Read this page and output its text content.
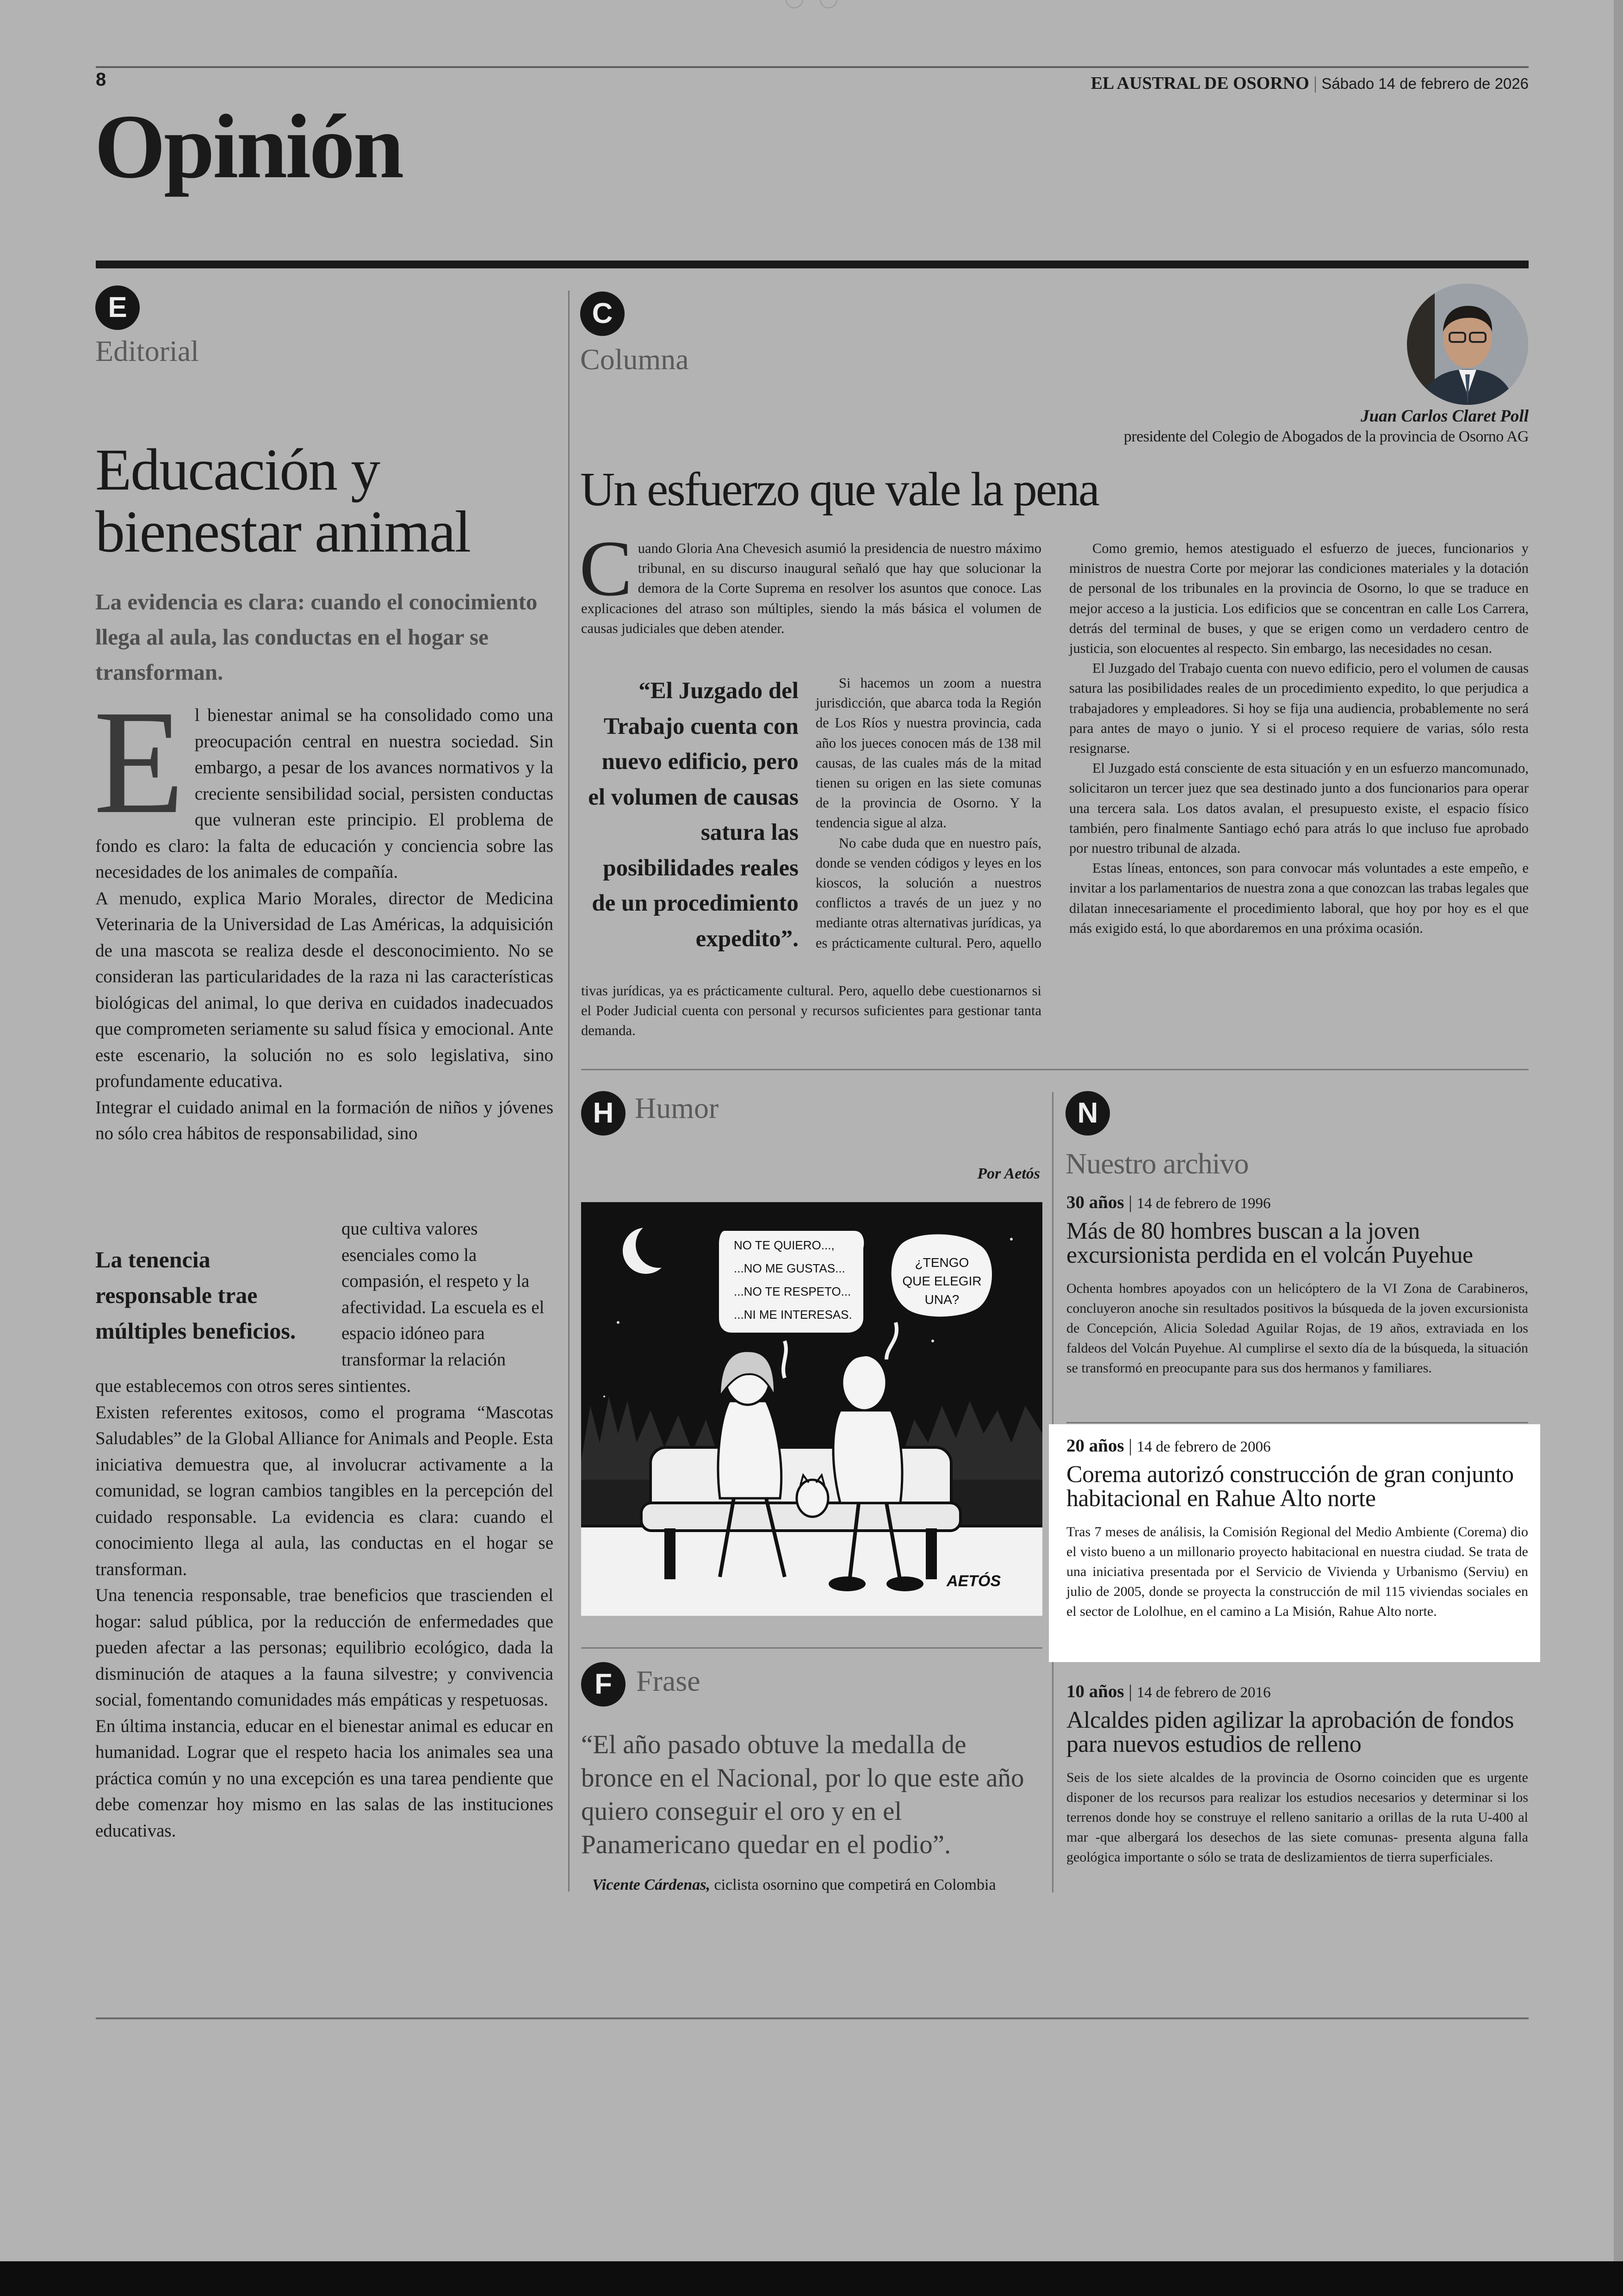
8	EL AUSTRAL DE OSORNO | Sábado 14 de febrero de 2026
Opinión
E
Editorial
Educación y bienestar animal
La evidencia es clara: cuando el conocimiento llega al aula, las conductas en el hogar se transforman.
E l bienestar animal se ha consolidado como una preocupación central en nuestra sociedad. Sin embargo, a pesar de los avances normativos y la creciente sensibilidad social, persisten conductas que vulneran este principio. El problema de fondo es claro: la falta de educación y conciencia sobre las necesidades de los animales de compañía.

A menudo, explica Mario Morales, director de Medicina Veterinaria de la Universidad de Las Américas, la adquisición de una mascota se realiza desde el desconocimiento. No se consideran las particularidades de la raza ni las características biológicas del animal, lo que deriva en cuidados inadecuados que comprometen seriamente su salud física y emocional. Ante este escenario, la solución no es solo legislativa, sino profundamente educativa.

Integrar el cuidado animal en la formación de niños y jóvenes no sólo crea hábitos de responsabilidad, sino

La tenencia responsable trae múltiples beneficios.
que cultiva valores esenciales como la compasión, el respeto y la afectividad. La escuela es el espacio idóneo para transformar la relación

que establecemos con otros seres sintientes.

Existen referentes exitosos, como el programa “Mascotas Saludables” de la Global Alliance for Animals and People. Esta iniciativa demuestra que, al involucrar activamente a la comunidad, se logran cambios tangibles en la percepción del cuidado responsable. La evidencia es clara: cuando el conocimiento llega al aula, las conductas en el hogar se transforman.

Una tenencia responsable, trae beneficios que trascienden el hogar: salud pública, por la reducción de enfermedades que pueden afectar a las personas; equilibrio ecológico, dada la disminución de ataques a la fauna silvestre; y convivencia social, fomentando comunidades más empáticas y respetuosas.

En última instancia, educar en el bienestar animal es educar en humanidad. Lograr que el respeto hacia los animales sea una práctica común y no una excepción es una tarea pendiente que debe comenzar hoy mismo en las salas de las instituciones educativas.

C
Columna
Juan Carlos Claret Poll
presidente del Colegio de Abogados de la provincia de Osorno AG
Un esfuerzo que vale la pena
C uando Gloria Ana Chevesich asumió la presidencia de nuestro máximo tribunal, en su discurso inaugural señaló que hay que solucionar la demora de la Corte Suprema en resolver los asuntos que conoce. Las explicaciones del atraso son múltiples, siendo la más básica el volumen de causas judiciales que deben atender.

“El Juzgado del Trabajo cuenta con nuevo edificio, pero el volumen de causas satura las posibilidades reales de un procedimiento expedito”.

Si hacemos un zoom a nuestra jurisdicción, que abarca toda la Región de Los Ríos y nuestra provincia, cada año los jueces conocen más de 138 mil causas, de las cuales más de la mitad tienen su origen en las siete comunas de la provincia de Osorno. Y la tendencia sigue al alza.

No cabe duda que en nuestro país, donde se venden códigos y leyes en los kioscos, la solución a nuestros conflictos a través de un juez y no mediante otras alternativas jurídicas, ya es prácticamente cultural. Pero, aquello

tivas jurídicas, ya es prácticamente cultural. Pero, aquello debe cuestionarnos si el Poder Judicial cuenta con personal y recursos suficientes para gestionar tanta demanda.

Como gremio, hemos atestiguado el esfuerzo de jueces, funcionarios y ministros de nuestra Corte por mejorar las condiciones materiales y la dotación de personal de los tribunales en la provincia de Osorno, lo que se traduce en mejor acceso a la justicia. Los edificios que se concentran en calle Los Carrera, detrás del terminal de buses, y que se erigen como un verdadero centro de justicia, son elocuentes al respecto. Sin embargo, las necesidades no cesan.

El Juzgado del Trabajo cuenta con nuevo edificio, pero el volumen de causas satura las posibilidades reales de un procedimiento expedito, lo que perjudica a trabajadores y empleadores. Si hoy se fija una audiencia, probablemente no será para antes de mayo o junio. Y si el proceso requiere de varias, sólo resta resignarse.

El Juzgado está consciente de esta situación y en un esfuerzo mancomunado, solicitaron un tercer juez que sea destinado junto a dos funcionarios para operar una tercera sala. Los datos avalan, el presupuesto existe, el espacio físico también, pero finalmente Santiago echó para atrás lo que incluso fue aprobado por nuestro tribunal de alzada.

Estas líneas, entonces, son para convocar más voluntades a este empeño, e invitar a los parlamentarios de nuestra zona a que conozcan las trabas legales que dilatan innecesariamente el procedimiento laboral, que hoy por hoy es el que más exigido está, lo que abordaremos en una próxima ocasión.

H Humor
Por Aetós
NO TE QUIERO...,
...NO ME GUSTAS...
...NO TE RESPETO...
...NI ME INTERESAS.
¿TENGO
QUE ELEGIR
UNA?
AETÓS
F Frase
“El año pasado obtuve la medalla de bronce en el Nacional, por lo que este año quiero conseguir el oro y en el Panamericano quedar en el podio”.
Vicente Cárdenas, ciclista osornino que competirá en Colombia
N
Nuestro archivo
30 años | 14 de febrero de 1996
Más de 80 hombres buscan a la joven excursionista perdida en el volcán Puyehue
Ochenta hombres apoyados con un helicóptero de la VI Zona de Carabineros, concluyeron anoche sin resultados positivos la búsqueda de la joven excursionista de Concepción, Alicia Soledad Aguilar Rojas, de 19 años, extraviada en los faldeos del Volcán Puyehue. Al cumplirse el sexto día de la búsqueda, la situación se transformó en preocupante para sus dos hermanos y familiares.
20 años | 14 de febrero de 2006
Corema autorizó construcción de gran conjunto habitacional en Rahue Alto norte
Tras 7 meses de análisis, la Comisión Regional del Medio Ambiente (Corema) dio el visto bueno a un millonario proyecto habitacional en nuestra ciudad. Se trata de una iniciativa presentada por el Servicio de Vivienda y Urbanismo (Serviu) en julio de 2005, donde se proyecta la construcción de mil 115 viviendas sociales en el sector de Lololhue, en el camino a La Misión, Rahue Alto norte.
10 años | 14 de febrero de 2016
Alcaldes piden agilizar la aprobación de fondos para nuevos estudios de relleno
Seis de los siete alcaldes de la provincia de Osorno coinciden que es urgente disponer de los recursos para realizar los estudios necesarios y determinar si los terrenos donde hoy se construye el relleno sanitario a orillas de la ruta U-400 al mar -que albergará los desechos de las siete comunas- presenta alguna falla geológica importante o sólo se trata de deslizamientos de tierra superficiales.
